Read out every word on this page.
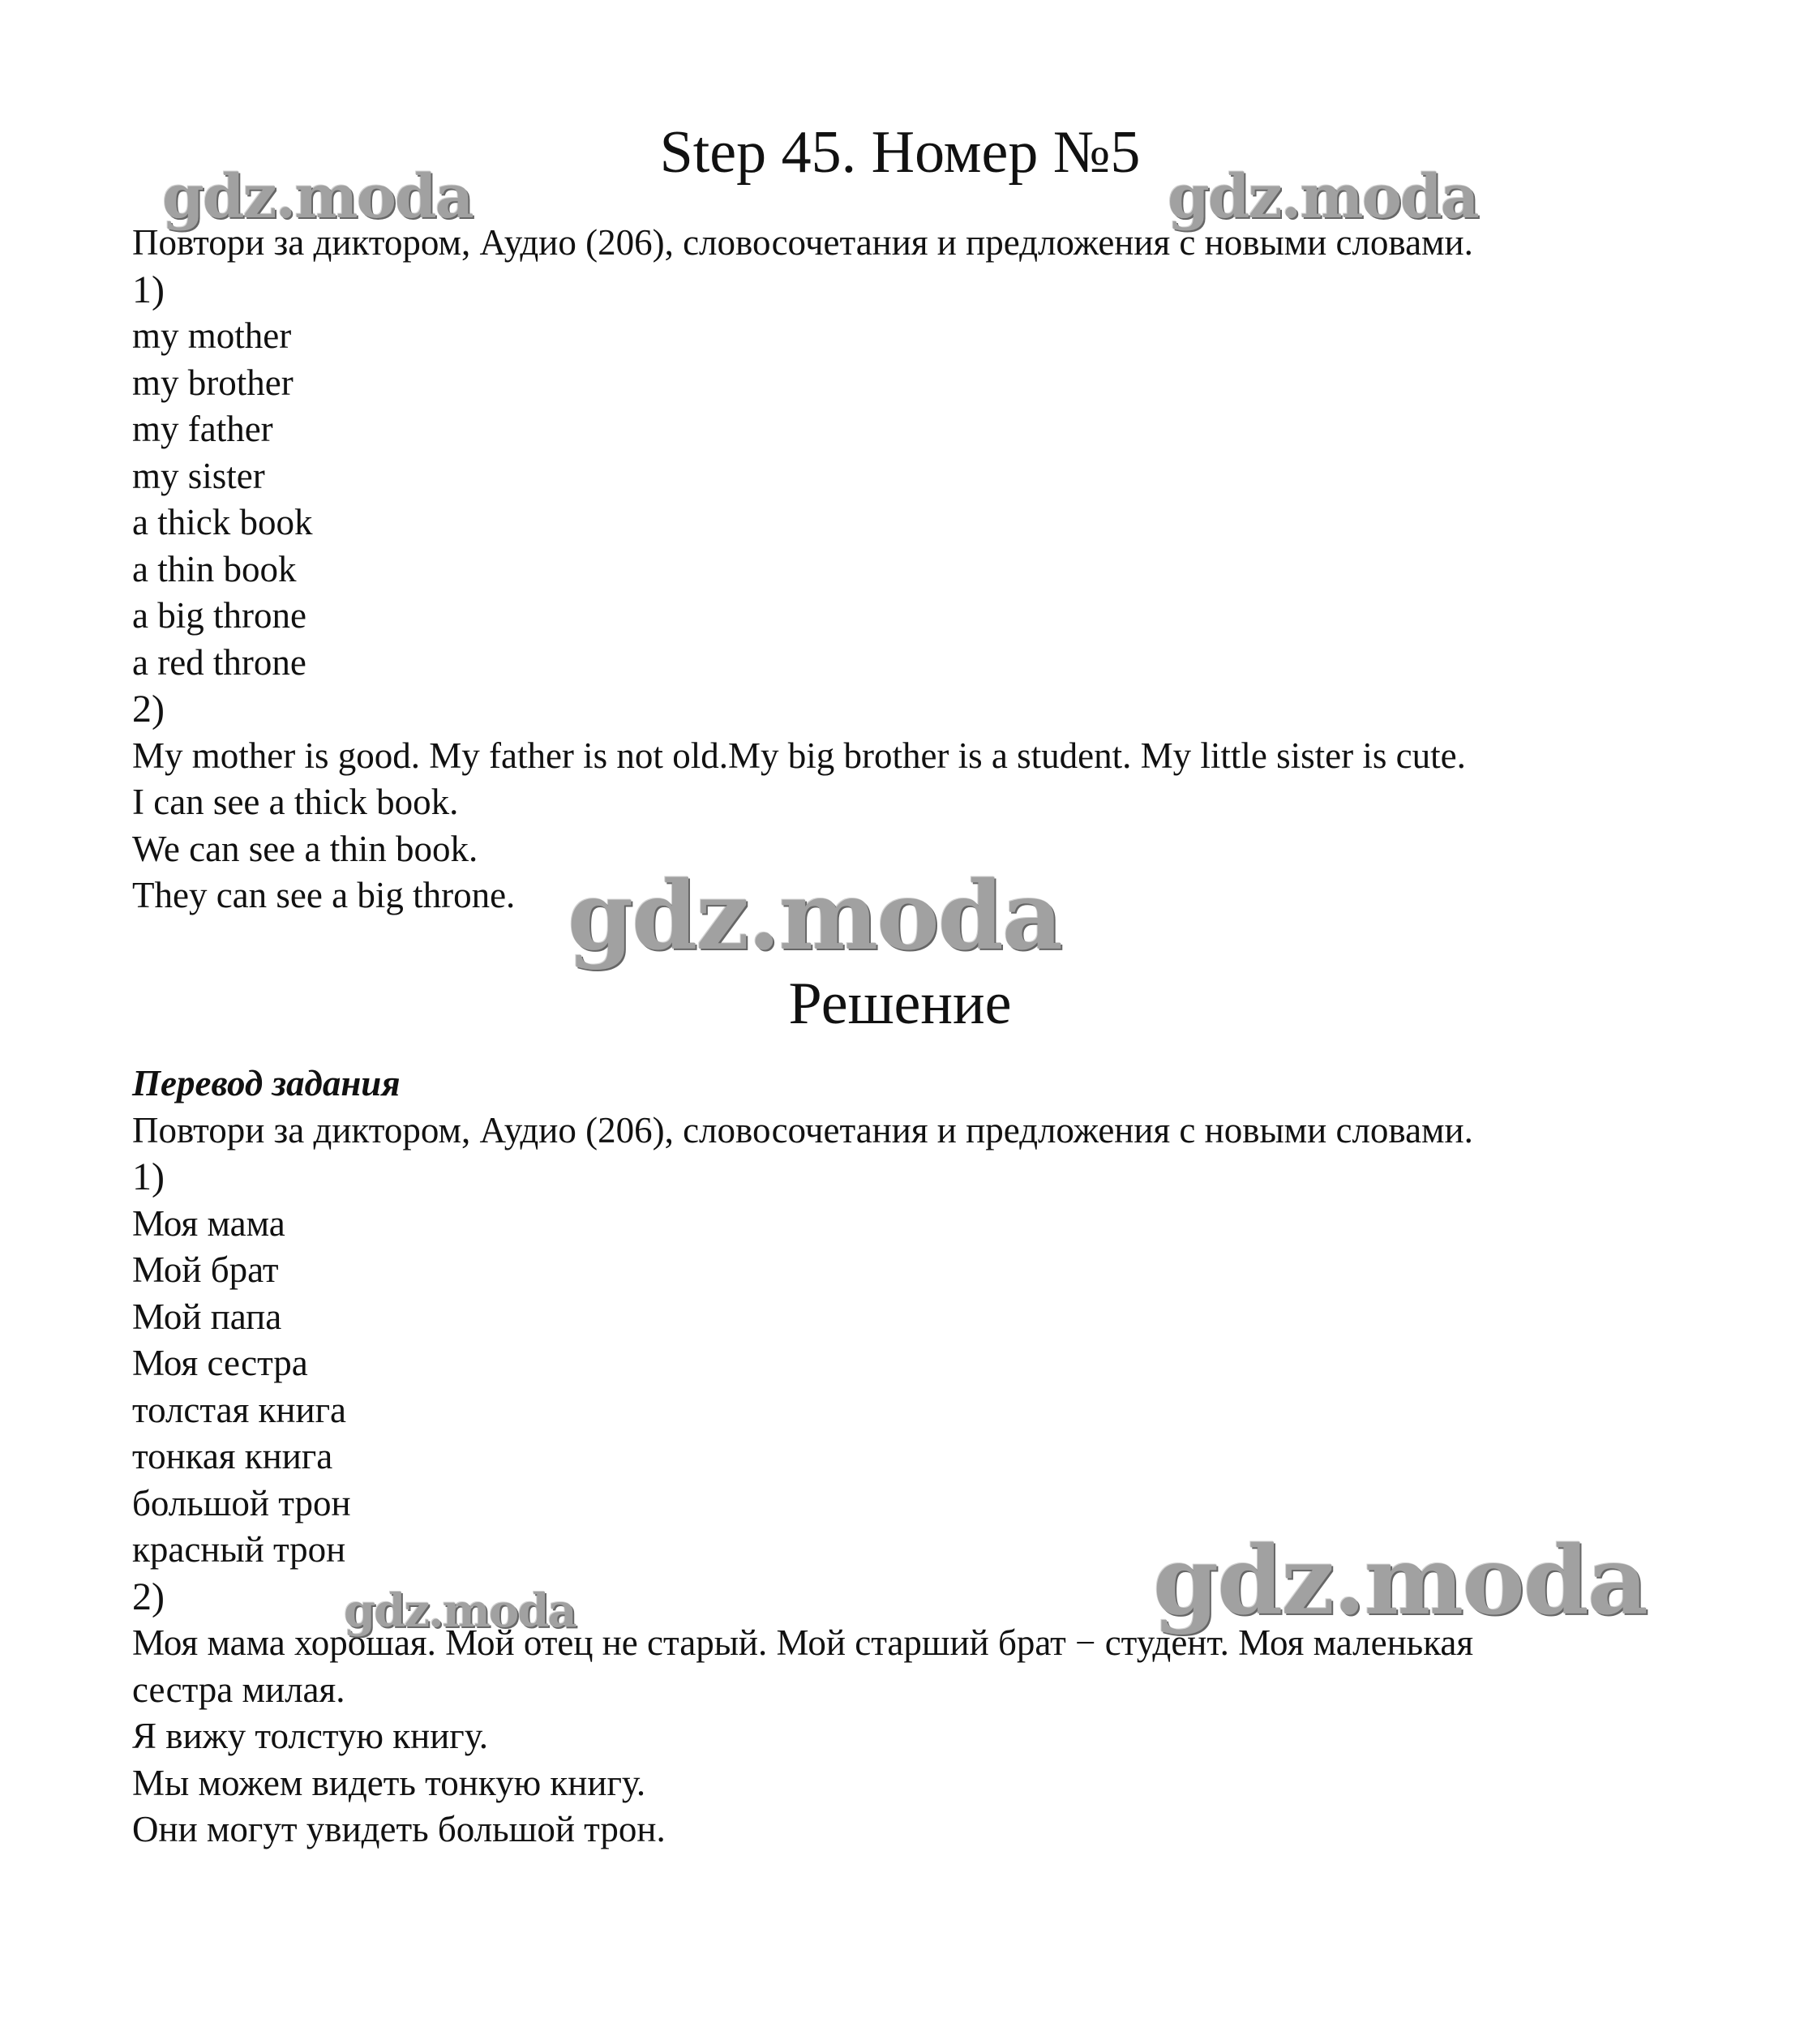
Step 45. Номер №5

Повтори за диктором, Аудио (206), словосочетания и предложения с новыми словами.

1)

my mother

my brother

my father

my sister

a thick book

a thin book

a big throne

a red throne

2)

My mother is good. My father is not old.My big brother is a student. My little sister is cute.

I can see a thick book.

We can see a thin book.

They can see a big throne.

Решение

Перевод задания

Повтори за диктором, Аудио (206), словосочетания и предложения с новыми словами.

1)

Моя мама

Мой брат

Мой папа

Моя сестра

толстая книга

тонкая книга

большой трон

красный трон

2)

Моя мама хорошая. Мой отец не старый. Мой старший брат − студент. Моя маленькая

сестра милая.

Я вижу толстую книгу.

Мы можем видеть тонкую книгу.

Они могут увидеть большой трон.

gdz.moda	gdz.moda
gdz.moda
gdz.moda
gdz.moda
